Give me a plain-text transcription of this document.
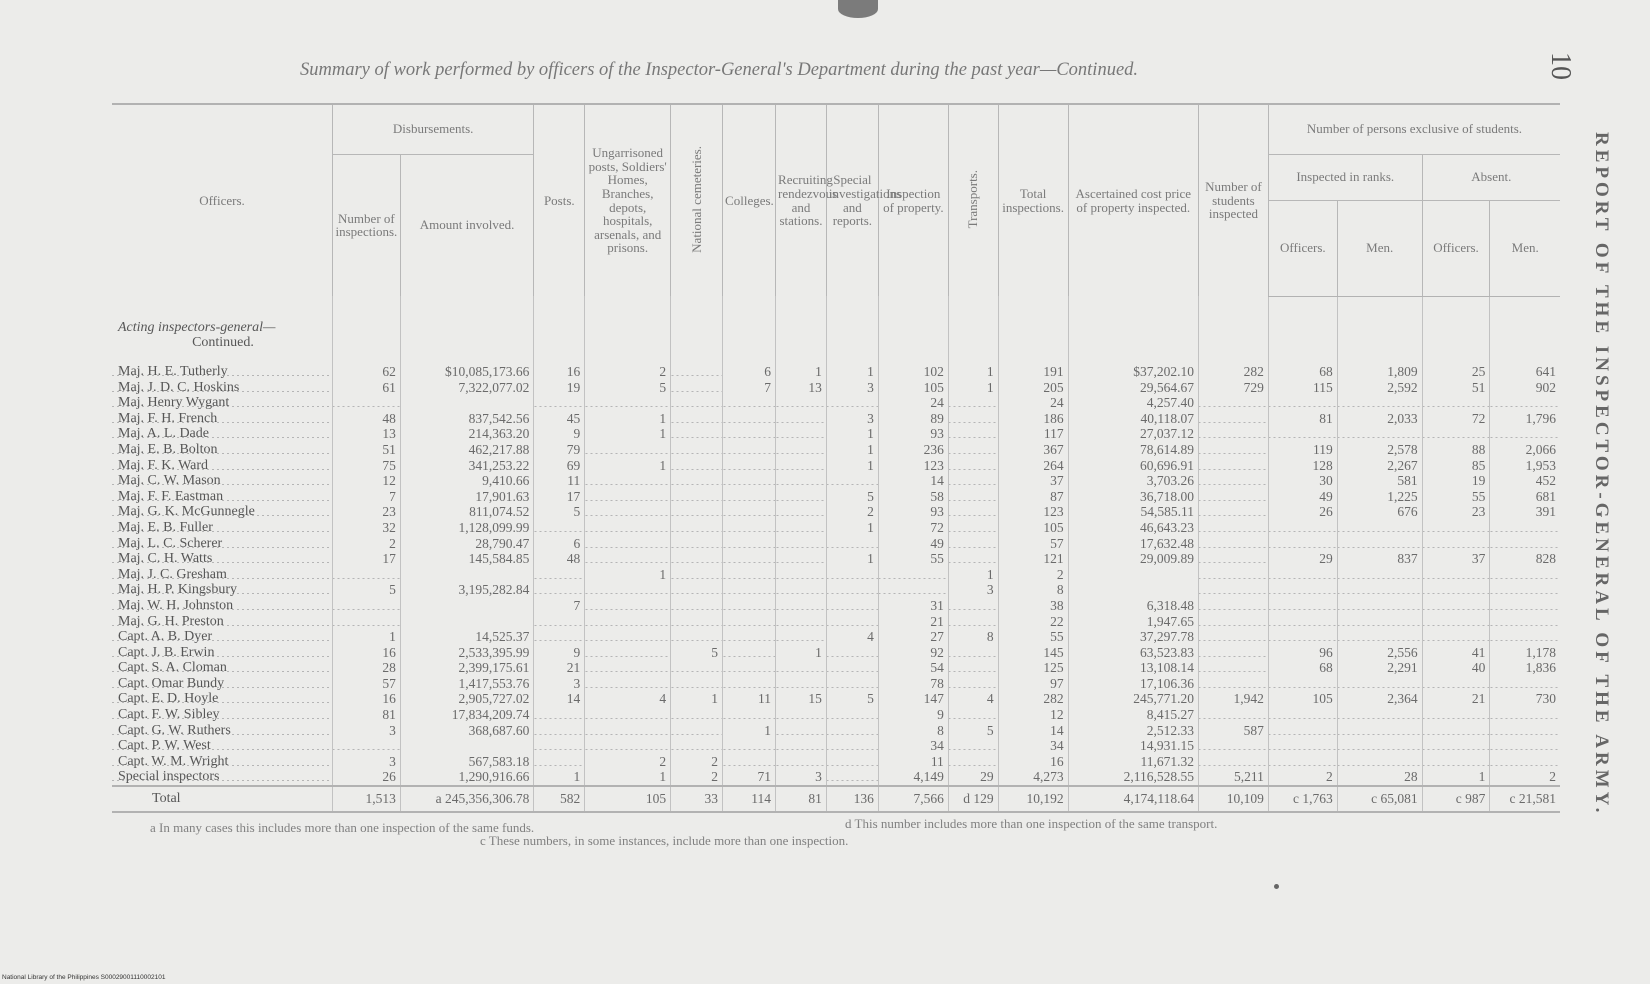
Summary of work performed by officers of the Inspector-General's Department during the past year—Continued.	10
REPORT OF THE INSPECTOR-GENERAL OF THE ARMY.
Officers.	Disbursements.		Posts.	Ungarrisoned posts, Soldiers' Homes, Branches, depots, hospitals, arsenals, and prisons.	National cemeteries.	Colleges.	Recruiting rendezvous and stations.	Special investigations and reports.	Inspection of property.	Transports.	Total inspections.	Ascertained cost price of property inspected.	Number of students inspected	Number of persons exclusive of students.			
	Number of inspections.	Amount involved.												Inspected in ranks.		Absent.	
														Officers.	Men.	Officers.	Men.
Acting inspectors-general—
Continued.																	

Maj. H. E. Tutherly	62	$10,085,173.66	16	2		6	1	1	102	1	191	$37,202.10	282	68	1,809	25	641
Maj. J. D. C. Hoskins	61	7,322,077.02	19	5		7	13	3	105	1	205	29,564.67	729	115	2,592	51	902
Maj. Henry Wygant									24		24	4,257.40					
Maj. F. H. French	48	837,542.56	45	1				3	89		186	40,118.07		81	2,033	72	1,796
Maj. A. L. Dade	13	214,363.20	9	1				1	93		117	27,037.12					
Maj. E. B. Bolton	51	462,217.88	79					1	236		367	78,614.89		119	2,578	88	2,066
Maj. F. K. Ward	75	341,253.22	69	1				1	123		264	60,696.91		128	2,267	85	1,953
Maj. C. W. Mason	12	9,410.66	11						14		37	3,703.26		30	581	19	452
Maj. F. F. Eastman	7	17,901.63	17					5	58		87	36,718.00		49	1,225	55	681
Maj. G. K. McGunnegle	23	811,074.52	5					2	93		123	54,585.11		26	676	23	391
Maj. E. B. Fuller	32	1,128,099.99						1	72		105	46,643.23					
Maj. L. C. Scherer	2	28,790.47	6						49		57	17,632.48					
Maj. C. H. Watts	17	145,584.85	48					1	55		121	29,009.89		29	837	37	828
Maj. J. C. Gresham				1						1	2						
Maj. H. P. Kingsbury	5	3,195,282.84								3	8						
Maj. W. H. Johnston			7						31		38	6,318.48					
Maj. G. H. Preston									21		22	1,947.65					
Capt. A. B. Dyer	1	14,525.37						4	27	8	55	37,297.78					
Capt. J. B. Erwin	16	2,533,395.99	9		5		1		92		145	63,523.83		96	2,556	41	1,178
Capt. S. A. Cloman	28	2,399,175.61	21						54		125	13,108.14		68	2,291	40	1,836
Capt. Omar Bundy	57	1,417,553.76	3						78		97	17,106.36					
Capt. E. D. Hoyle	16	2,905,727.02	14	4	1	11	15	5	147	4	282	245,771.20	1,942	105	2,364	21	730
Capt. F. W. Sibley	81	17,834,209.74							9		12	8,415.27					
Capt. G. W. Ruthers	3	368,687.60				1			8	5	14	2,512.33	587				
Capt. P. W. West									34		34	14,931.15					
Capt. W. M. Wright	3	567,583.18		2	2				11		16	11,671.32					
Special inspectors	26	1,290,916.66	1	1	2	71	3		4,149	29	4,273	2,116,528.55	5,211	2	28	1	2
Total	1,513	a 245,356,306.78	582	105	33	114	81	136	7,566	d 129	10,192	4,174,118.64	10,109	c 1,763	c 65,081	c 987	c 21,581
a In many cases this includes more than one inspection of the same funds.	d This number includes more than one inspection of the same transport.
c These numbers, in some instances, include more than one inspection.
National Library of the Philippines S00029001110002101
